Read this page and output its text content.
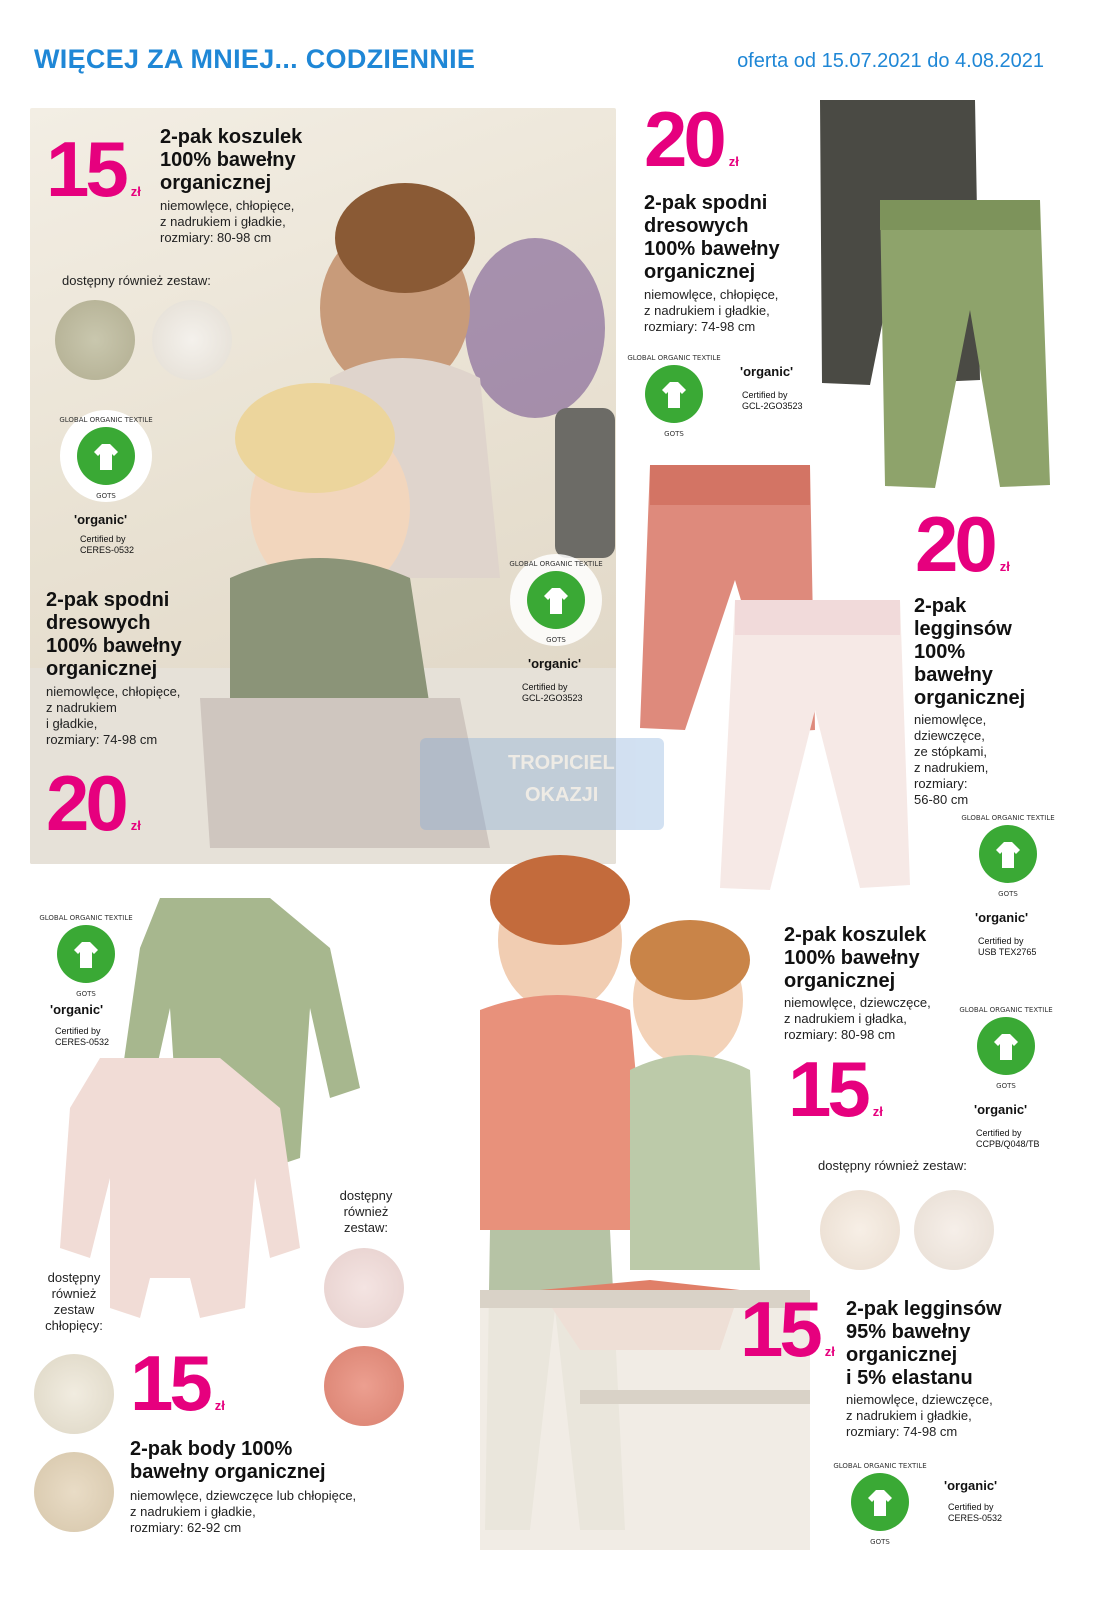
WIĘCEJ ZA MNIEJ... CODZIENNIE	oferta od 15.07.2021 do 4.08.2021
15 zł
2-pak koszulek
100% bawełny
organicznej
niemowlęce, chłopięce,
z nadrukiem i gładkie,
rozmiary: 80-98 cm
dostępny również zestaw:
GLOBAL ORGANIC TEXTILE
GOTS
'organic'
Certified by
CERES-0532
2-pak spodni
dresowych
100% bawełny
organicznej
niemowlęce, chłopięce,
z nadrukiem
i gładkie,
rozmiary: 74-98 cm
20 zł
GLOBAL ORGANIC TEXTILE
GOTS
'organic'
Certified by
GCL-2GO3523
20 zł
2-pak spodni
dresowych
100% bawełny
organicznej
niemowlęce, chłopięce,
z nadrukiem i gładkie,
rozmiary: 74-98 cm
GLOBAL ORGANIC TEXTILE
GOTS
'organic'
Certified by
GCL-2GO3523
20 zł
2-pak
legginsów
100%
bawełny
organicznej
niemowlęce,
dziewczęce,
ze stópkami,
z nadrukiem,
rozmiary:
56-80 cm
GLOBAL ORGANIC TEXTILE
GOTS
'organic'
Certified by
USB TEX2765
TROPICIEL
OKAZJI
GLOBAL ORGANIC TEXTILE
GOTS
'organic'
Certified by
CERES-0532
dostępny
również
zestaw
chłopięcy:
15 zł
2-pak body 100%
bawełny organicznej
niemowlęce, dziewczęce lub chłopięce,
z nadrukiem i gładkie,
rozmiary: 62-92 cm
dostępny
również
zestaw:
2-pak koszulek
100% bawełny
organicznej
niemowlęce, dziewczęce,
z nadrukiem i gładka,
rozmiary: 80-98 cm
15 zł
GLOBAL ORGANIC TEXTILE
GOTS
'organic'
Certified by
CCPB/Q048/TB
dostępny również zestaw:
15 zł
2-pak legginsów
95% bawełny
organicznej
i 5% elastanu
niemowlęce, dziewczęce,
z nadrukiem i gładkie,
rozmiary: 74-98 cm
GLOBAL ORGANIC TEXTILE
GOTS
'organic'
Certified by
CERES-0532
